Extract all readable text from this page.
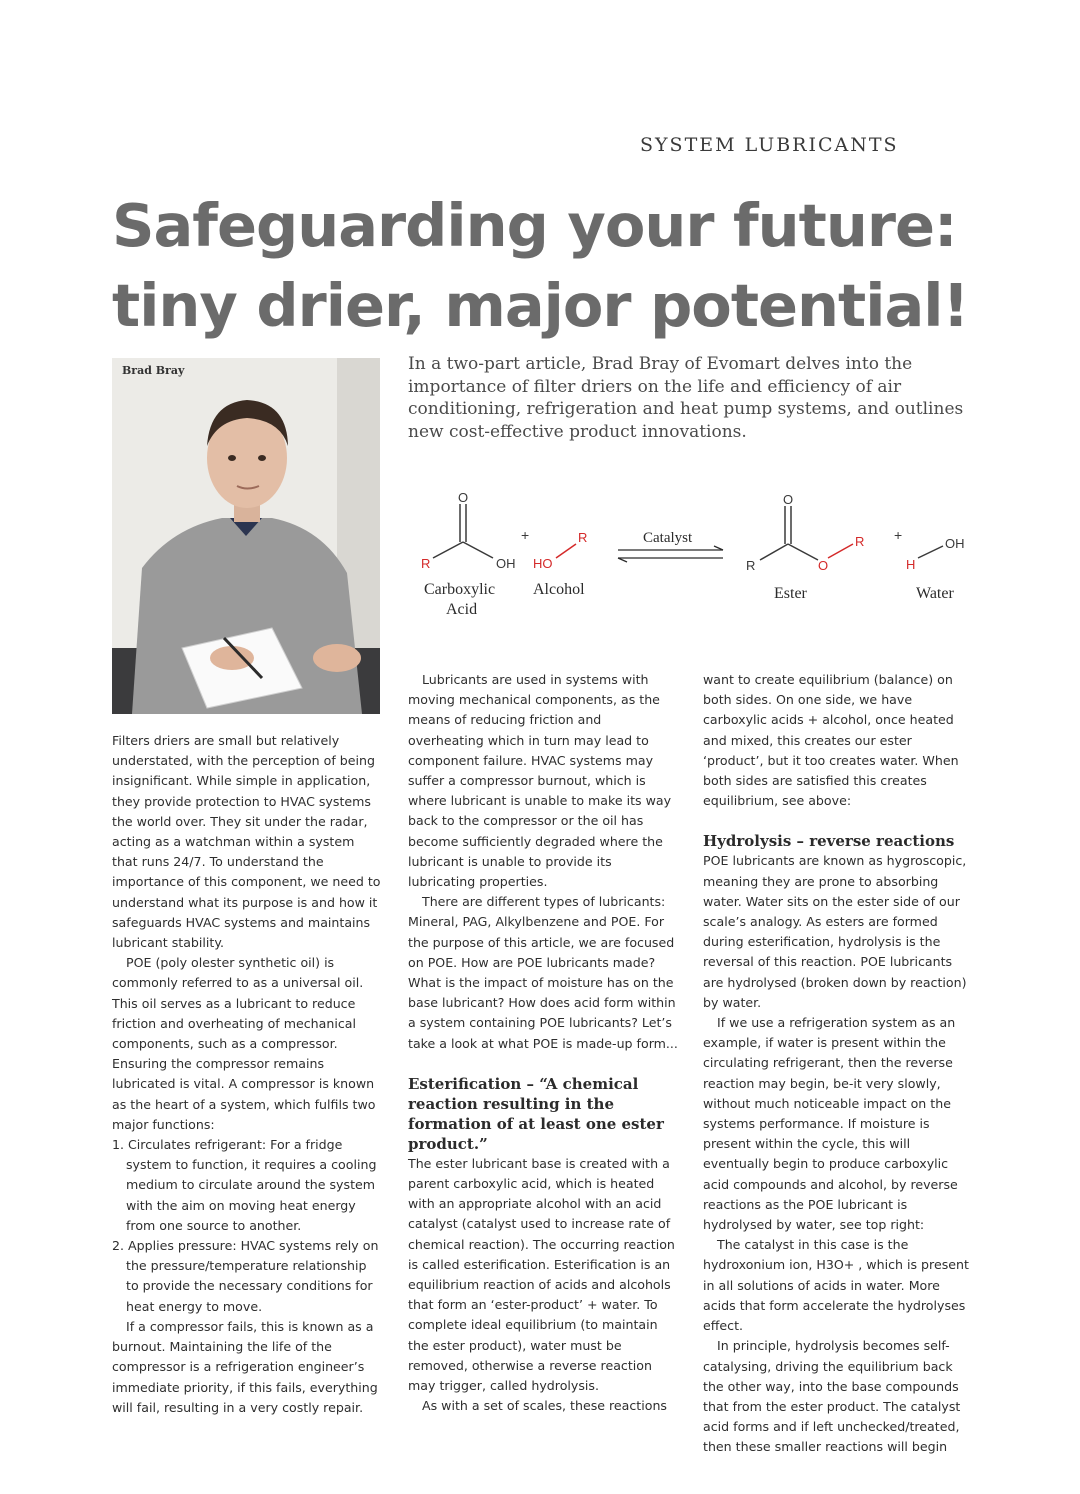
SYSTEM LUBRICANTS
Safeguarding your future:
tiny drier, major potential!
Brad Bray	In a two-part article, Brad Bray of Evomart delves into the importance of filter driers on the life and efficiency of air conditioning, refrigeration and heat pump systems, and outlines new cost-effective product innovations.

O
R	OH
+
HO
R	Catalyst
O
R	O
R +
H
OH
Carboxylic
Acid
Alcohol	Ester	Water

Filters driers are small but relatively understated, with the perception of being insignificant. While simple in application, they provide protection to HVAC systems the world over. They sit under the radar, acting as a watchman within a system that runs 24/7. To understand the importance of this component, we need to understand what its purpose is and how it safeguards HVAC systems and maintains lubricant stability.

POE (poly olester synthetic oil) is commonly referred to as a universal oil. This oil serves as a lubricant to reduce friction and overheating of mechanical components, such as a compressor. Ensuring the compressor remains lubricated is vital. A compressor is known as the heart of a system, which fulfils two major functions:

1. Circulates refrigerant: For a fridge system to function, it requires a cooling medium to circulate around the system with the aim on moving heat energy from one source to another.
2. Applies pressure: HVAC systems rely on the pressure/temperature relationship to provide the necessary conditions for heat energy to move.

If a compressor fails, this is known as a burnout. Maintaining the life of the compressor is a refrigeration engineer’s immediate priority, if this fails, everything will fail, resulting in a very costly repair.

Lubricants are used in systems with moving mechanical components, as the means of reducing friction and overheating which in turn may lead to component failure. HVAC systems may suffer a compressor burnout, which is where lubricant is unable to make its way back to the compressor or the oil has become sufficiently degraded where the lubricant is unable to provide its lubricating properties.

There are different types of lubricants: Mineral, PAG, Alkylbenzene and POE. For the purpose of this article, we are focused on POE. How are POE lubricants made? What is the impact of moisture has on the base lubricant? How does acid form within a system containing POE lubricants? Let’s take a look at what POE is made-up form...

Esterification – “A chemical reaction resulting in the formation of at least one ester product.”

The ester lubricant base is created with a parent carboxylic acid, which is heated with an appropriate alcohol with an acid catalyst (catalyst used to increase rate of chemical reaction). The occurring reaction is called esterification. Esterification is an equilibrium reaction of acids and alcohols that form an ‘ester-product’ + water. To complete ideal equilibrium (to maintain the ester product), water must be removed, otherwise a reverse reaction may trigger, called hydrolysis.

As with a set of scales, these reactions

want to create equilibrium (balance) on both sides. On one side, we have carboxylic acids + alcohol, once heated and mixed, this creates our ester ‘product’, but it too creates water. When both sides are satisfied this creates equilibrium, see above:

Hydrolysis – reverse reactions

POE lubricants are known as hygroscopic, meaning they are prone to absorbing water. Water sits on the ester side of our scale’s analogy. As esters are formed during esterification, hydrolysis is the reversal of this reaction. POE lubricants are hydrolysed (broken down by reaction) by water.

If we use a refrigeration system as an example, if water is present within the circulating refrigerant, then the reverse reaction may begin, be-it very slowly, without much noticeable impact on the systems performance. If moisture is present within the cycle, this will eventually begin to produce carboxylic acid compounds and alcohol, by reverse reactions as the POE lubricant is hydrolysed by water, see top right:

The catalyst in this case is the hydroxonium ion, H3O+ , which is present in all solutions of acids in water. More acids that form accelerate the hydrolyses effect.

In principle, hydrolysis becomes self-catalysing, driving the equilibrium back the other way, into the base compounds that from the ester product. The catalyst acid forms and if left unchecked/treated, then these smaller reactions will begin
